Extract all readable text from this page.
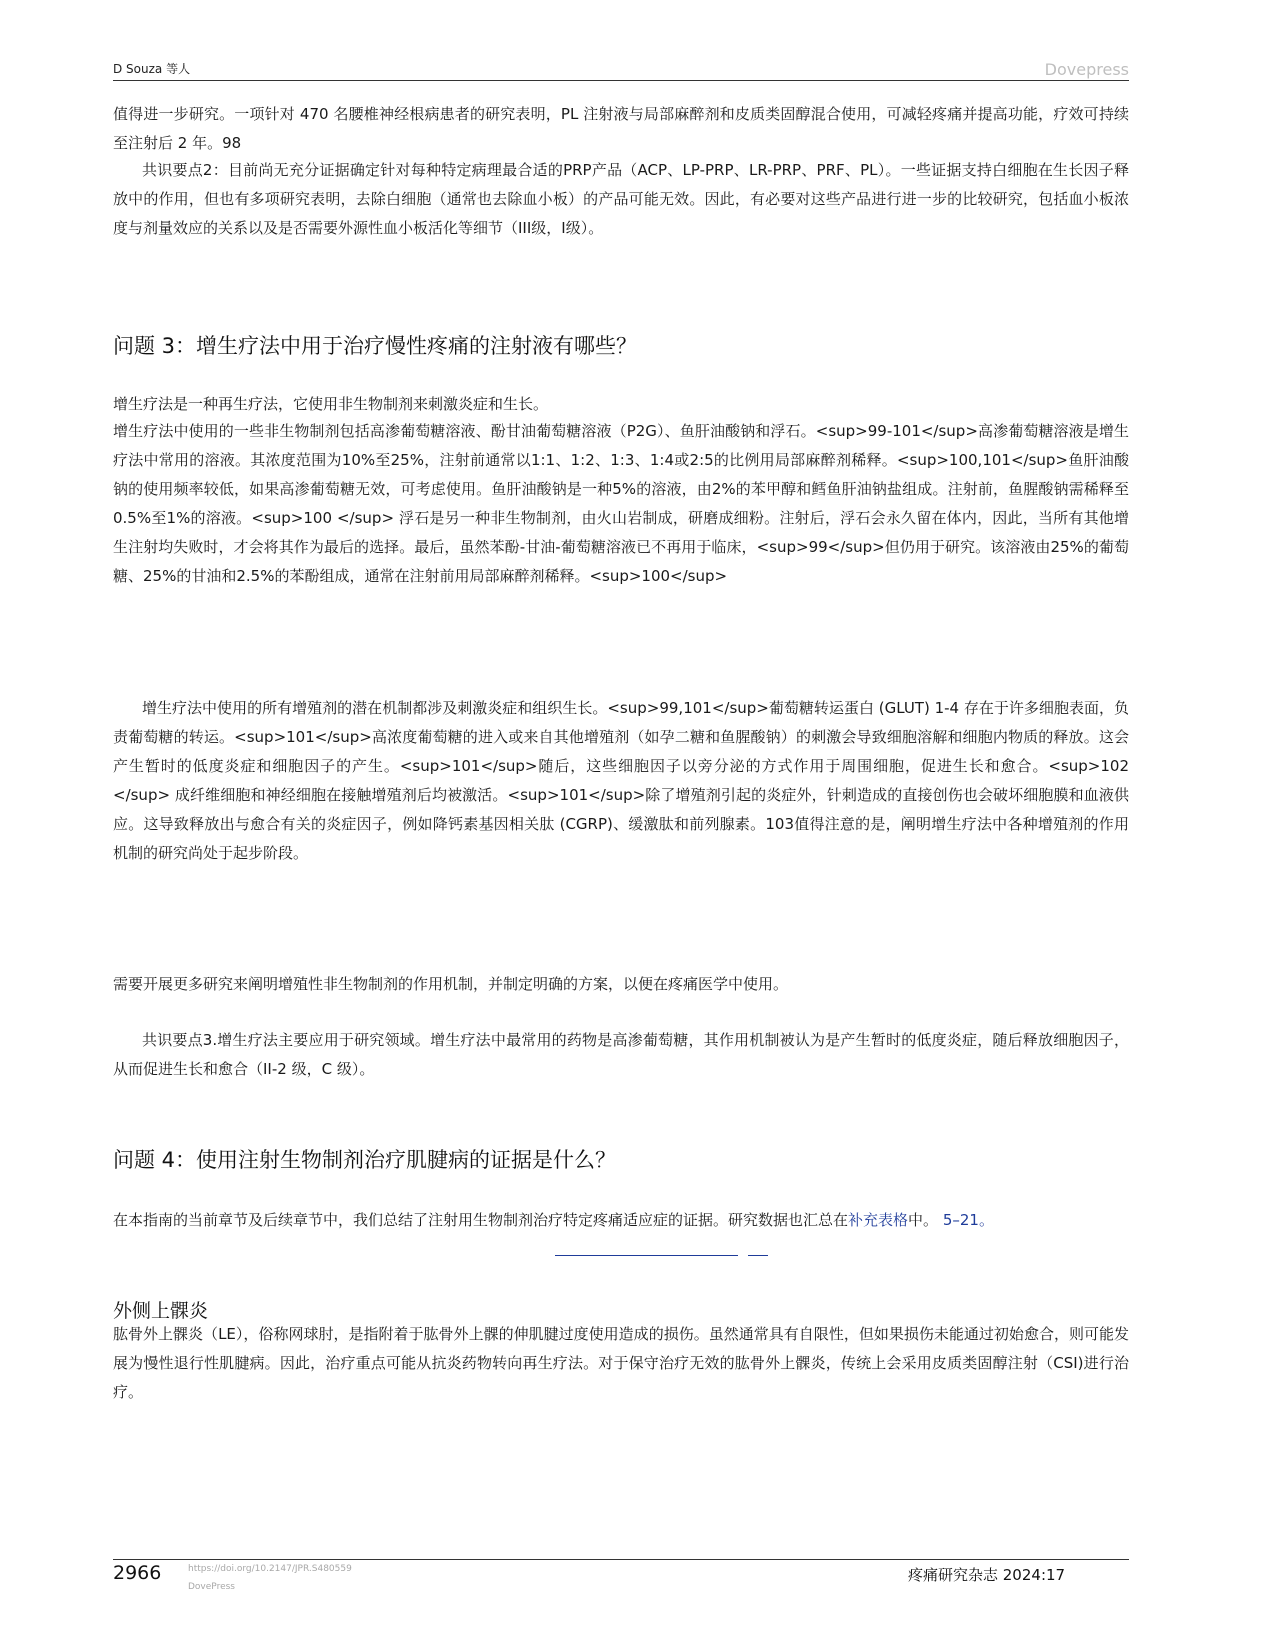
D Souza 等人	Dovepress

值得进一步研究。一项针对 470 名腰椎神经根病患者的研究表明，PL 注射液与局部麻醉剂和皮质类固醇混合使用，可减轻疼痛并提高功能，疗效可持续至注射后 2 年。98

共识要点2：目前尚无充分证据确定针对每种特定病理最合适的PRP产品（ACP、LP-PRP、LR-PRP、PRF、PL）。一些证据支持白细胞在生长因子释放中的作用，但也有多项研究表明，去除白细胞（通常也去除血小板）的产品可能无效。因此，有必要对这些产品进行进一步的比较研究，包括血小板浓度与剂量效应的关系以及是否需要外源性血小板活化等细节（III级，I级）。

问题 3：增生疗法中用于治疗慢性疼痛的注射液有哪些？

增生疗法是一种再生疗法，它使用非生物制剂来刺激炎症和生长。

增生疗法中使用的一些非生物制剂包括高渗葡萄糖溶液、酚甘油葡萄糖溶液（P2G）、鱼肝油酸钠和浮石。<sup>99-101</sup>高渗葡萄糖溶液是增生疗法中常用的溶液。其浓度范围为10%至25%，注射前通常以1:1、1:2、1:3、1:4或2:5的比例用局部麻醉剂稀释。<sup>100,101</sup>鱼肝油酸钠的使用频率较低，如果高渗葡萄糖无效，可考虑使用。鱼肝油酸钠是一种5%的溶液，由2%的苯甲醇和鳕鱼肝油钠盐组成。注射前，鱼腥酸钠需稀释至0.5%至1%的溶液。<sup>100 </sup> 浮石是另一种非生物制剂，由火山岩制成，研磨成细粉。注射后，浮石会永久留在体内，因此，当所有其他增生注射均失败时，才会将其作为最后的选择。最后，虽然苯酚-甘油-葡萄糖溶液已不再用于临床，<sup>99</sup>但仍用于研究。该溶液由25%的葡萄糖、25%的甘油和2.5%的苯酚组成，通常在注射前用局部麻醉剂稀释。<sup>100</sup>

增生疗法中使用的所有增殖剂的潜在机制都涉及刺激炎症和组织生长。<sup>99,101</sup>葡萄糖转运蛋白 (GLUT) 1-4 存在于许多细胞表面，负责葡萄糖的转运。<sup>101</sup>高浓度葡萄糖的进入或来自其他增殖剂（如孕二糖和鱼腥酸钠）的刺激会导致细胞溶解和细胞内物质的释放。这会产生暂时的低度炎症和细胞因子的产生。<sup>101</sup>随后，这些细胞因子以旁分泌的方式作用于周围细胞，促进生长和愈合。<sup>102 </sup> 成纤维细胞和神经细胞在接触增殖剂后均被激活。<sup>101</sup>除了增殖剂引起的炎症外，针刺造成的直接创伤也会破坏细胞膜和血液供应。这导致释放出与愈合有关的炎症因子，例如降钙素基因相关肽 (CGRP)、缓激肽和前列腺素。103值得注意的是，阐明增生疗法中各种增殖剂的作用机制的研究尚处于起步阶段。

需要开展更多研究来阐明增殖性非生物制剂的作用机制，并制定明确的方案，以便在疼痛医学中使用。

共识要点3.增生疗法主要应用于研究领域。增生疗法中最常用的药物是高渗葡萄糖，其作用机制被认为是产生暂时的低度炎症，随后释放细胞因子，从而促进生长和愈合（II-2 级，C 级）。

问题 4：使用注射生物制剂治疗肌腱病的证据是什么？

在本指南的当前章节及后续章节中，我们总结了注射用生物制剂治疗特定疼痛适应症的证据。研究数据也汇总在补充表格中。 5–21。

外侧上髁炎

肱骨外上髁炎（LE），俗称网球肘，是指附着于肱骨外上髁的伸肌腱过度使用造成的损伤。虽然通常具有自限性，但如果损伤未能通过初始愈合，则可能发展为慢性退行性肌腱病。因此，治疗重点可能从抗炎药物转向再生疗法。对于保守治疗无效的肱骨外上髁炎，传统上会采用皮质类固醇注射（CSI)进行治疗。

2966	https://doi.org/10.2147/JPR.S480559
DovePress
疼痛研究杂志 2024:17
